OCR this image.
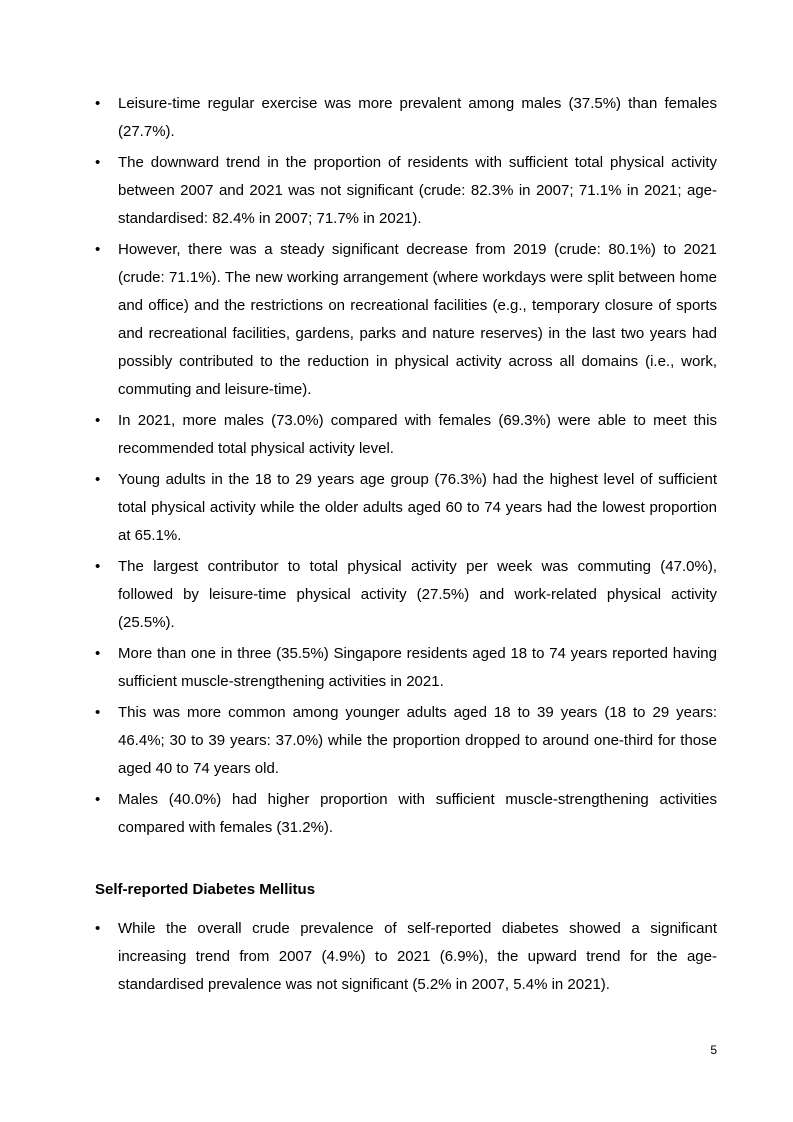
•	Leisure-time regular exercise was more prevalent among males (37.5%) than females (27.7%).
•	The downward trend in the proportion of residents with sufficient total physical activity between 2007 and 2021 was not significant (crude: 82.3% in 2007; 71.1% in 2021; age-standardised: 82.4% in 2007; 71.7% in 2021).
•	However, there was a steady significant decrease from 2019 (crude: 80.1%) to 2021 (crude: 71.1%). The new working arrangement (where workdays were split between home and office) and the restrictions on recreational facilities (e.g., temporary closure of sports and recreational facilities, gardens, parks and nature reserves) in the last two years had possibly contributed to the reduction in physical activity across all domains (i.e., work, commuting and leisure-time).
•	In 2021, more males (73.0%) compared with females (69.3%) were able to meet this recommended total physical activity level.
•	Young adults in the 18 to 29 years age group (76.3%) had the highest level of sufficient total physical activity while the older adults aged 60 to 74 years had the lowest proportion at 65.1%.
•	The largest contributor to total physical activity per week was commuting (47.0%), followed by leisure-time physical activity (27.5%) and work-related physical activity (25.5%).
•	More than one in three (35.5%) Singapore residents aged 18 to 74 years reported having sufficient muscle-strengthening activities in 2021.
•	This was more common among younger adults aged 18 to 39 years (18 to 29 years: 46.4%; 30 to 39 years: 37.0%) while the proportion dropped to around one-third for those aged 40 to 74 years old.
•	Males (40.0%) had higher proportion with sufficient muscle-strengthening activities compared with females (31.2%).
Self-reported Diabetes Mellitus
•	While the overall crude prevalence of self-reported diabetes showed a significant increasing trend from 2007 (4.9%) to 2021 (6.9%), the upward trend for the age-standardised prevalence was not significant (5.2% in 2007, 5.4% in 2021).
5
